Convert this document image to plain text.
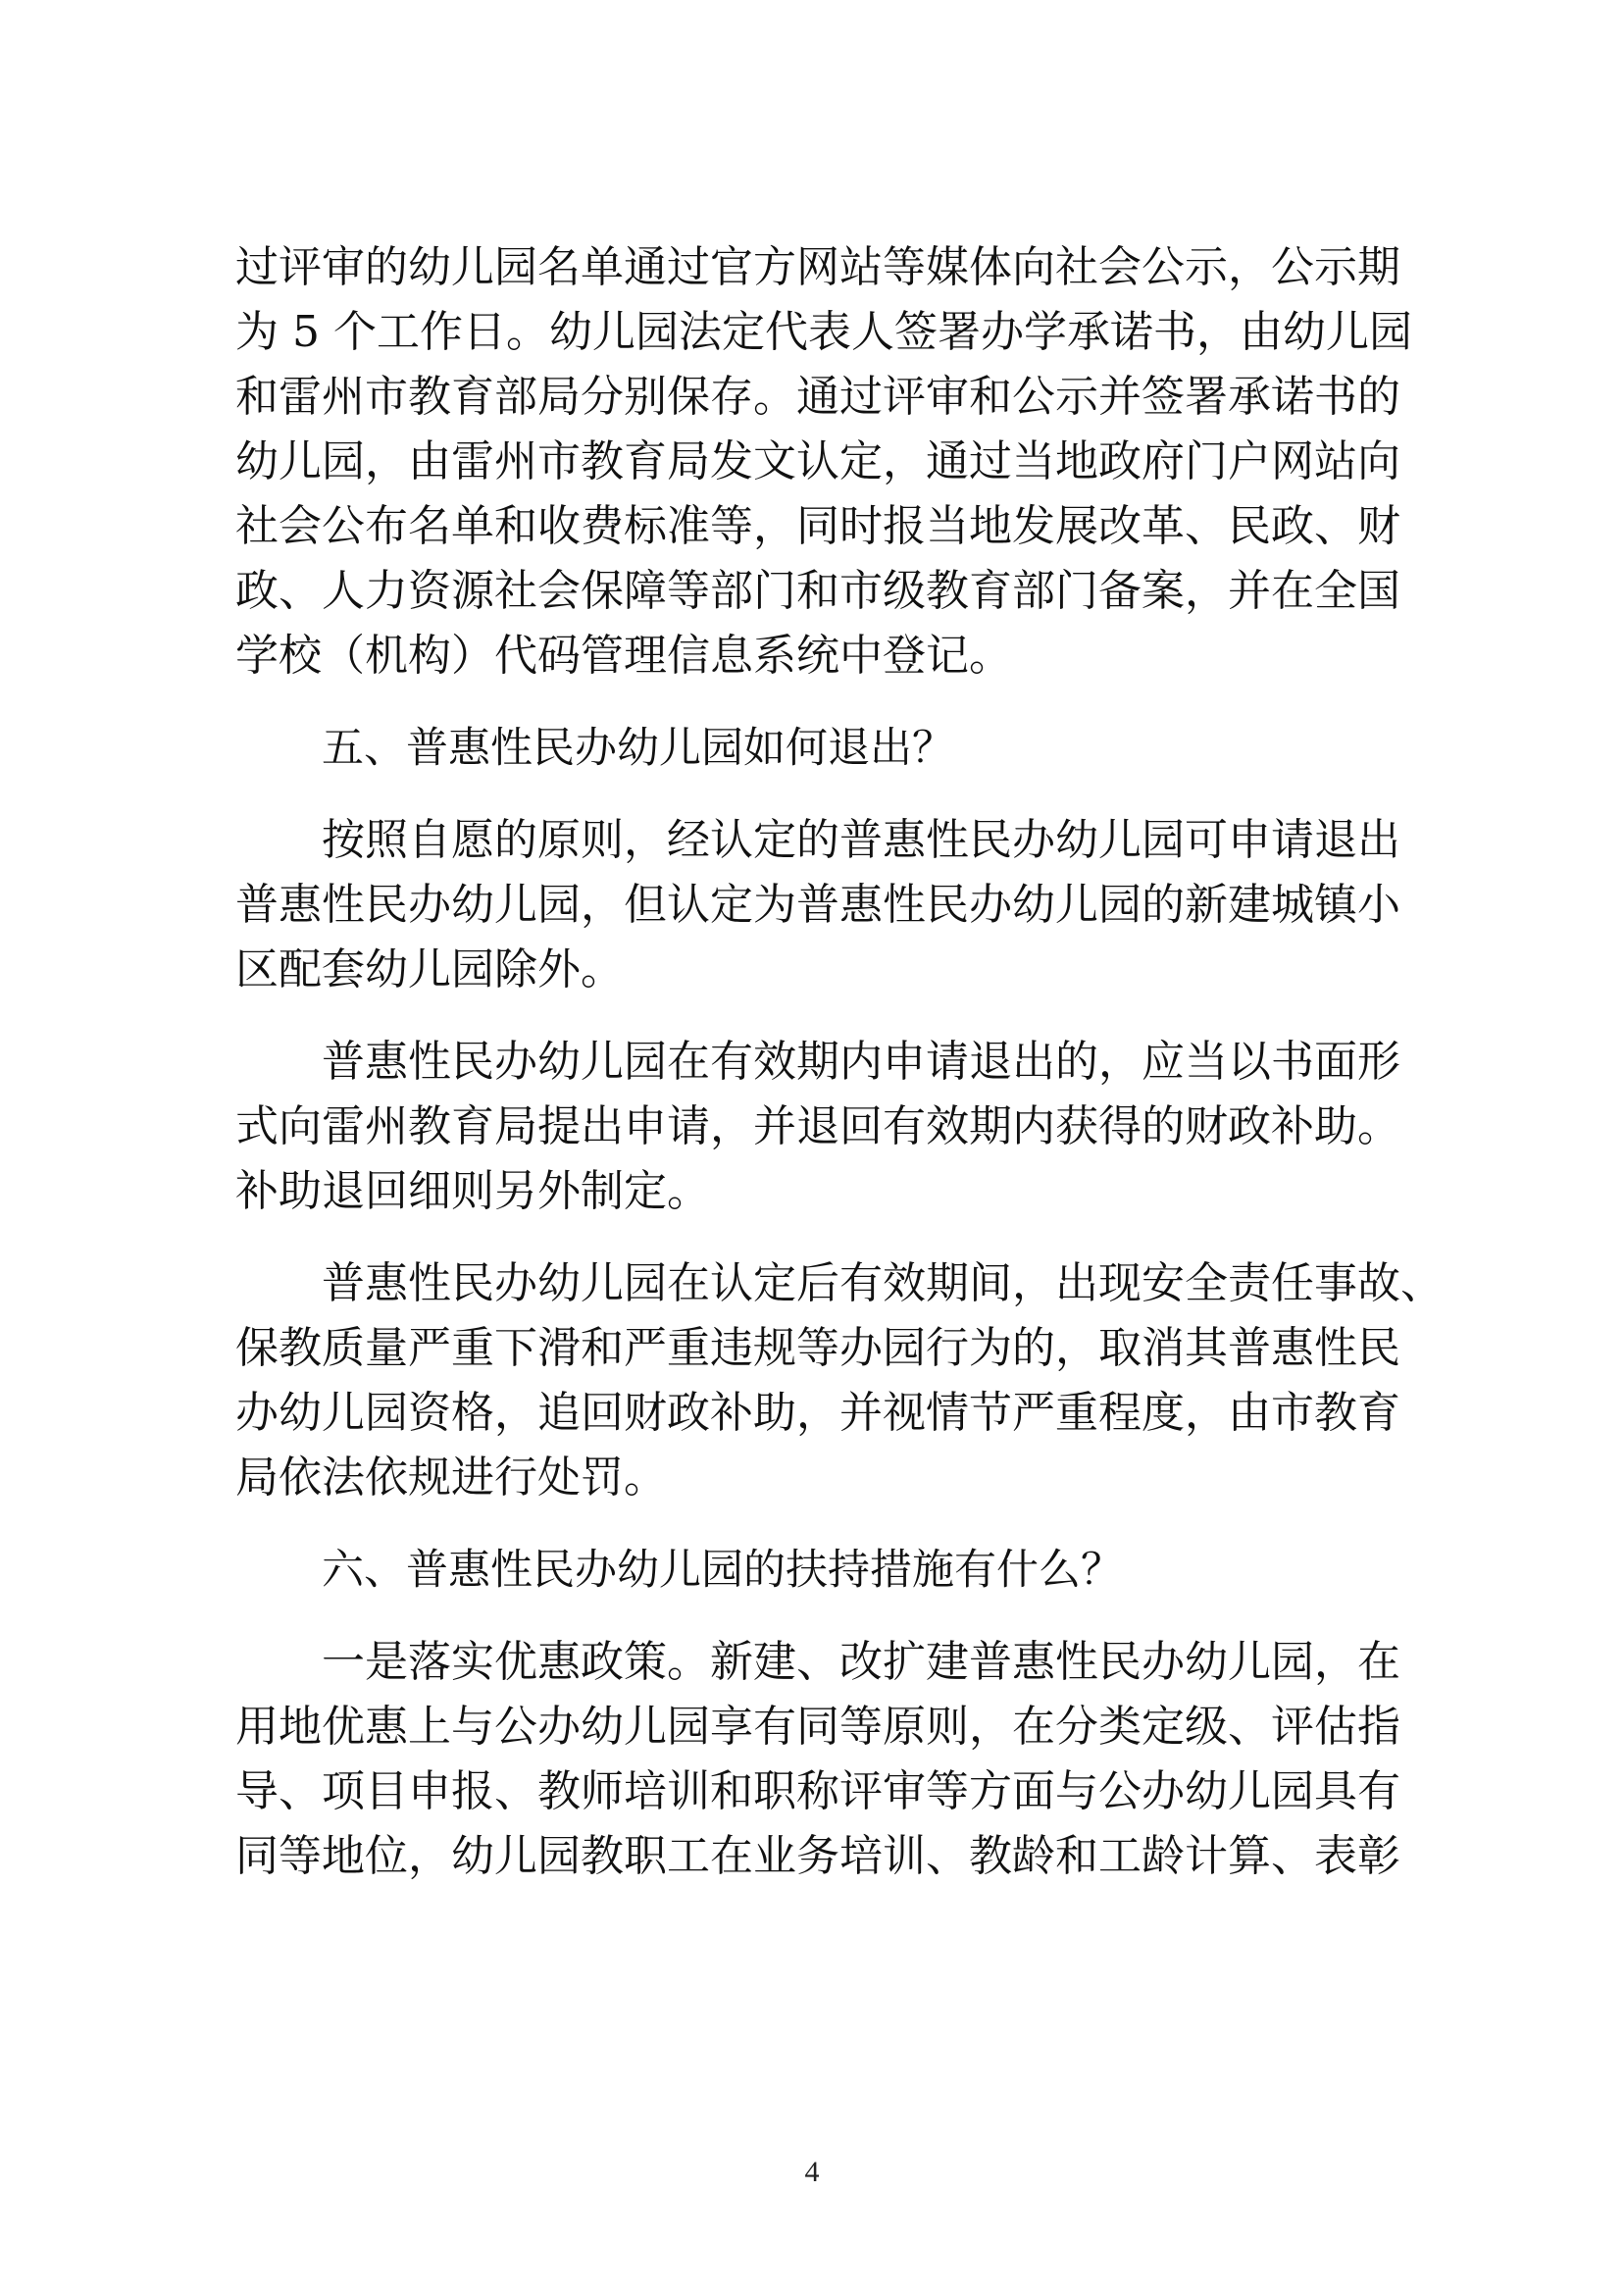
过评审的幼儿园名单通过官方网站等媒体向社会公示，公示期
为 5 个工作日。幼儿园法定代表人签署办学承诺书，由幼儿园
和雷州市教育部局分别保存。通过评审和公示并签署承诺书的
幼儿园，由雷州市教育局发文认定，通过当地政府门户网站向
社会公布名单和收费标准等，同时报当地发展改革、民政、财
政、人力资源社会保障等部门和市级教育部门备案，并在全国
学校（机构）代码管理信息系统中登记。
五、普惠性民办幼儿园如何退出？
按照自愿的原则，经认定的普惠性民办幼儿园可申请退出
普惠性民办幼儿园，但认定为普惠性民办幼儿园的新建城镇小
区配套幼儿园除外。
普惠性民办幼儿园在有效期内申请退出的，应当以书面形
式向雷州教育局提出申请，并退回有效期内获得的财政补助。
补助退回细则另外制定。
普惠性民办幼儿园在认定后有效期间，出现安全责任事故、
保教质量严重下滑和严重违规等办园行为的，取消其普惠性民
办幼儿园资格，追回财政补助，并视情节严重程度，由市教育
局依法依规进行处罚。
六、普惠性民办幼儿园的扶持措施有什么？
一是落实优惠政策。新建、改扩建普惠性民办幼儿园，在
用地优惠上与公办幼儿园享有同等原则，在分类定级、评估指
导、项目申报、教师培训和职称评审等方面与公办幼儿园具有
同等地位，幼儿园教职工在业务培训、教龄和工龄计算、表彰
4
